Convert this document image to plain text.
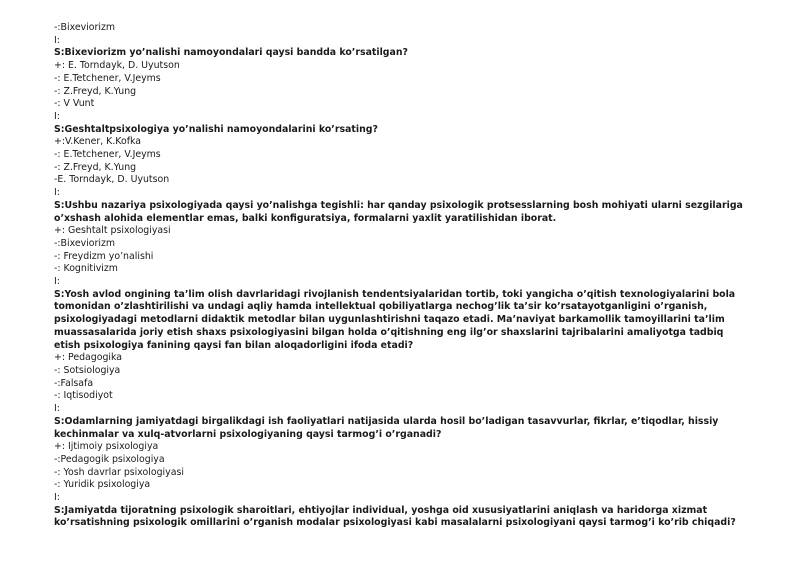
-:Bixeviorizm
I:
S:Bixeviorizm yo’nalishi namoyondalari qaysi bandda ko’rsatilgan?
+: E. Torndayk, D. Uyutson
-: E.Tetchener, V.Jeyms
-: Z.Freyd, K.Yung
-: V Vunt
I:
S:Geshtaltpsixologiya yo’nalishi namoyondalarini ko’rsating?
+:V.Kener, K.Kofka
-: E.Tetchener, V.Jeyms
-: Z.Freyd, K.Yung
-E. Torndayk, D. Uyutson
I:
S:Ushbu nazariya psixologiyada qaysi yo’nalishga tegishli: har qanday psixologik protsesslarning bosh mohiyati ularni sezgilariga o’xshash alohida elementlar emas, balki konfiguratsiya, formalarni yaxlit yaratilishidan iborat.
+: Geshtalt psixologiyasi
-:Bixeviorizm
-: Freydizm yo’nalishi
-: Kognitivizm
I:
S:Yosh avlod ongining ta’lim olish davrlaridagi rivojlanish tendentsiyalaridan tortib, toki yangicha o’qitish texnologiyalarini bola tomonidan o’zlashtirilishi va undagi aqliy hamda intellektual qobiliyatlarga nechog’lik ta’sir ko’rsatayotganligini o’rganish, psixologiyadagi metodlarni didaktik metodlar bilan uygunlashtirishni taqazo etadi. Ma’naviyat barkamollik tamoyillarini ta’lim muassasalarida joriy etish shaxs psixologiyasini bilgan holda o’qitishning eng ilg’or shaxslarini tajribalarini amaliyotga tadbiq etish psixologiya fanining qaysi fan bilan aloqadorligini ifoda etadi?
+: Pedagogika
-: Sotsiologiya
-:Falsafa
-: Iqtisodiyot
I:
S:Odamlarning jamiyatdagi birgalikdagi ish faoliyatlari natijasida ularda hosil bo’ladigan tasavvurlar, fikrlar, e’tiqodlar, hissiy kechinmalar va xulq-atvorlarni psixologiyaning qaysi tarmog’i o’rganadi?
+: Ijtimoiy psixologiya
-:Pedagogik psixologiya
-: Yosh davrlar psixologiyasi
-: Yuridik psixologiya
I:
S:Jamiyatda tijoratning psixologik sharoitlari, ehtiyojlar individual, yoshga oid xususiyatlarini aniqlash va haridorga xizmat ko’rsatishning psixologik omillarini o’rganish modalar psixologiyasi kabi masalalarni psixologiyani qaysi tarmog’i ko’rib chiqadi?
